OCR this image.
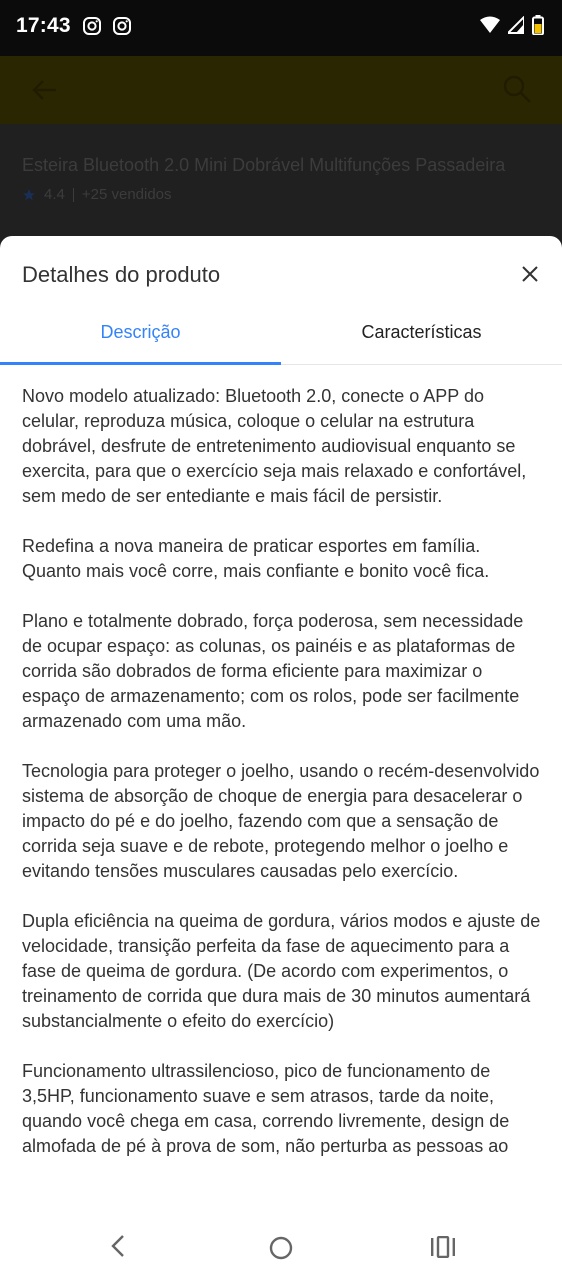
17:43
Esteira Bluetooth 2.0 Mini Dobrável Multifunções Passadeira
4.4 +25 vendidos
Detalhes do produto
Descrição	Características

Novo modelo atualizado: Bluetooth 2.0, conecte o APP do celular, reproduza música, coloque o celular na estrutura dobrável, desfrute de entretenimento audiovisual enquanto se exercita, para que o exercício seja mais relaxado e confortável, sem medo de ser entediante e mais fácil de persistir.

Redefina a nova maneira de praticar esportes em família. Quanto mais você corre, mais confiante e bonito você fica.

Plano e totalmente dobrado, força poderosa, sem necessidade de ocupar espaço: as colunas, os painéis e as plataformas de corrida são dobrados de forma eficiente para maximizar o espaço de armazenamento; com os rolos, pode ser facilmente armazenado com uma mão.

Tecnologia para proteger o joelho, usando o recém-desenvolvido sistema de absorção de choque de energia para desacelerar o impacto do pé e do joelho, fazendo com que a sensação de corrida seja suave e de rebote, protegendo melhor o joelho e evitando tensões musculares causadas pelo exercício.

Dupla eficiência na queima de gordura, vários modos e ajuste de velocidade, transição perfeita da fase de aquecimento para a fase de queima de gordura. (De acordo com experimentos, o treinamento de corrida que dura mais de 30 minutos aumentará substancialmente o efeito do exercício)

Funcionamento ultrassilencioso, pico de funcionamento de 3,5HP, funcionamento suave e sem atrasos, tarde da noite, quando você chega em casa, correndo livremente, design de almofada de pé à prova de som, não perturba as pessoas ao
